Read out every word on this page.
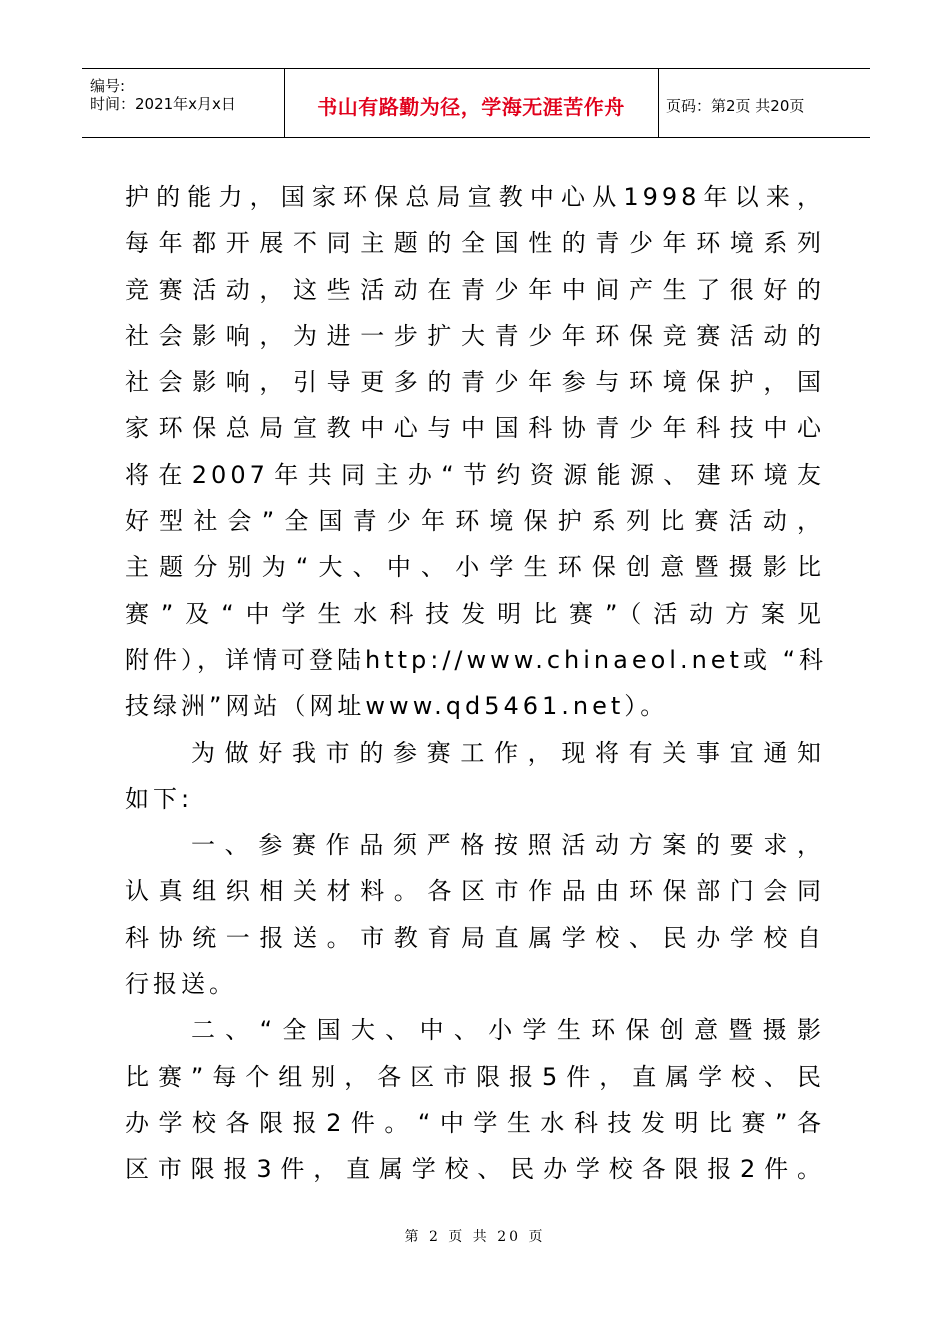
编号:
时间：2021年x月x日	书山有路勤为径，学海无涯苦作舟	页码：第2页 共20页
护的能力，国家环保总局宣教中心从1998年以来，
每年都开展不同主题的全国性的青少年环境系列
竞赛活动，这些活动在青少年中间产生了很好的
社会影响，为进一步扩大青少年环保竞赛活动的
社会影响，引导更多的青少年参与环境保护，国
家环保总局宣教中心与中国科协青少年科技中心
将在2007年共同主办“节约资源能源、建环境友
好型社会”全国青少年环境保护系列比赛活动，
主题分别为“大、中、小学生环保创意暨摄影比
赛”及“中学生水科技发明比赛”（活动方案见
附件），详情可登陆http://www.chinaeol.net或 “科
技绿洲”网站（网址www.qd5461.net）。
为做好我市的参赛工作，现将有关事宜通知
如下:
一、参赛作品须严格按照活动方案的要求，
认真组织相关材料。各区市作品由环保部门会同
科协统一报送。市教育局直属学校、民办学校自
行报送。
二、“全国大、中、小学生环保创意暨摄影
比赛”每个组别，各区市限报5件，直属学校、民
办学校各限报2件。“中学生水科技发明比赛”各
区市限报3件，直属学校、民办学校各限报2件。
第 2 页 共 20 页
